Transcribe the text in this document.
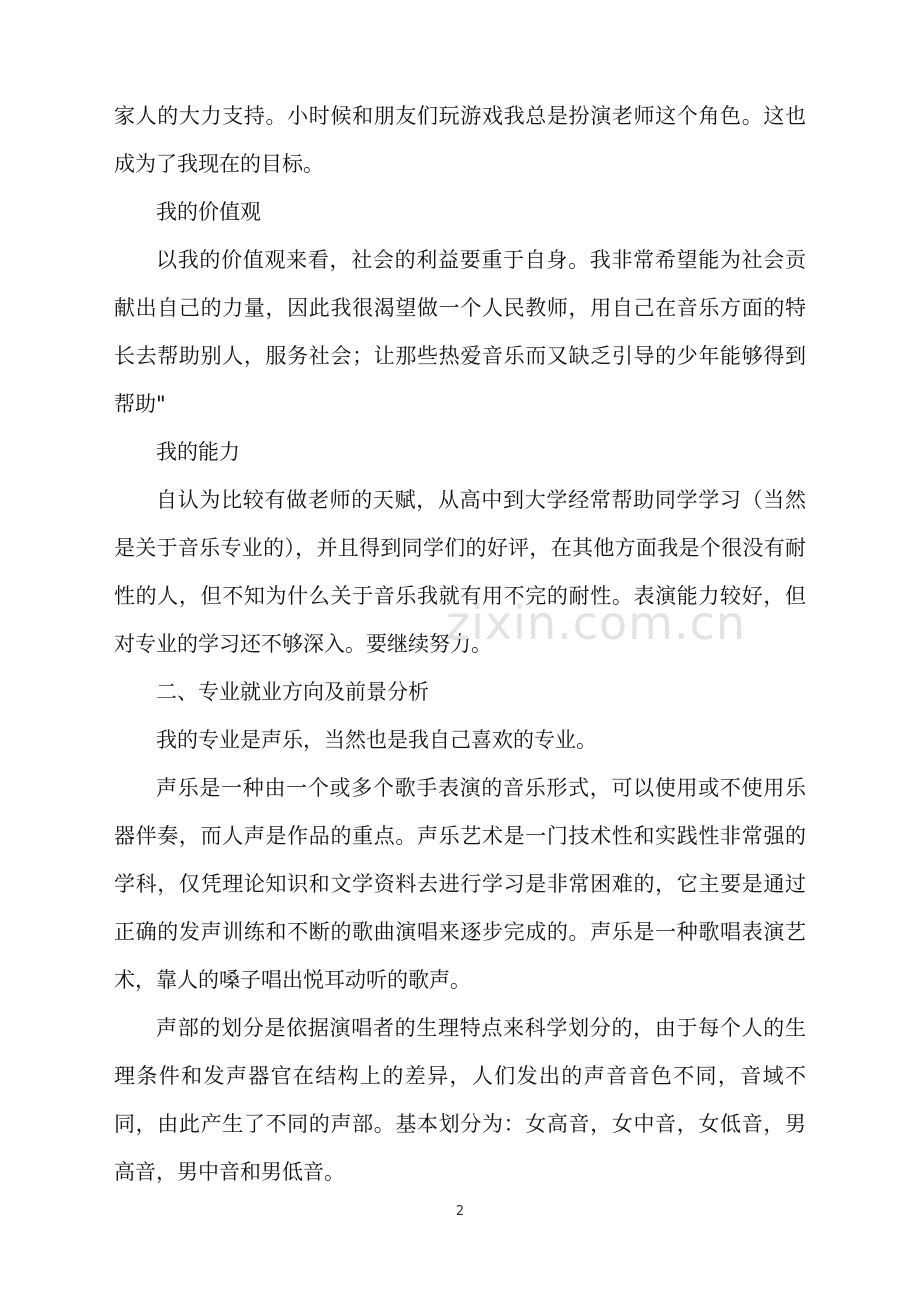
家人的大力支持。小时候和朋友们玩游戏我总是扮演老师这个角色。这也成为了我现在的目标。

我的价值观

以我的价值观来看，社会的利益要重于自身。我非常希望能为社会贡献出自己的力量，因此我很渴望做一个人民教师，用自己在音乐方面的特长去帮助别人，服务社会；让那些热爱音乐而又缺乏引导的少年能够得到帮助"

我的能力

自认为比较有做老师的天赋，从高中到大学经常帮助同学学习（当然是关于音乐专业的），并且得到同学们的好评，在其他方面我是个很没有耐性的人，但不知为什么关于音乐我就有用不完的耐性。表演能力较好，但对专业的学习还不够深入。要继续努力。

二、专业就业方向及前景分析

我的专业是声乐，当然也是我自己喜欢的专业。

声乐是一种由一个或多个歌手表演的音乐形式，可以使用或不使用乐器伴奏，而人声是作品的重点。声乐艺术是一门技术性和实践性非常强的学科，仅凭理论知识和文学资料去进行学习是非常困难的，它主要是通过正确的发声训练和不断的歌曲演唱来逐步完成的。声乐是一种歌唱表演艺术，靠人的嗓子唱出悦耳动听的歌声。

声部的划分是依据演唱者的生理特点来科学划分的，由于每个人的生理条件和发声器官在结构上的差异，人们发出的声音音色不同，音域不同，由此产生了不同的声部。基本划分为：女高音，女中音，女低音，男高音，男中音和男低音。

zixin.com.cn
2
